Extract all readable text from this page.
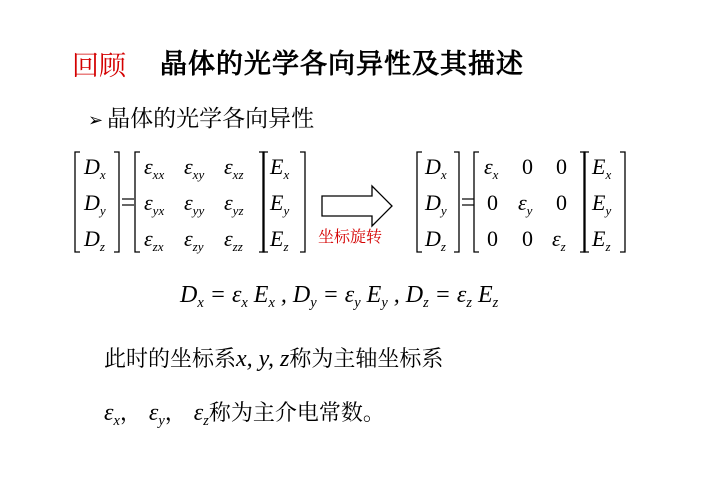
回顾 晶体的光学各向异性及其描述
➢ 晶体的光学各向异性
$D_x$
$D_y$
$D_z$
$\varepsilon_{xx}$ $\varepsilon_{xy}$ $\varepsilon_{xz}$
$\varepsilon_{yx}$ $\varepsilon_{yy}$ $\varepsilon_{yz}$
$\varepsilon_{zx}$ $\varepsilon_{zy}$ $\varepsilon_{zz}$
$E_x$
$E_y$
$E_z$
$D_x$
$D_y$
$D_z$
$\varepsilon_x$ 0 0
0 $\varepsilon_y$ 0
0 0 $\varepsilon_z$
$E_x$
$E_y$
$E_z$
坐标旋转
$D_x = \varepsilon_x$ $E_x$ , $D_y = \varepsilon_y$ $E_y$ , $D_z = \varepsilon_z$ $E_z$
此时的坐标系x, y, z称为主轴坐标系
$\varepsilon_x$， $\varepsilon_y$， $\varepsilon_z$称为主介电常数。
